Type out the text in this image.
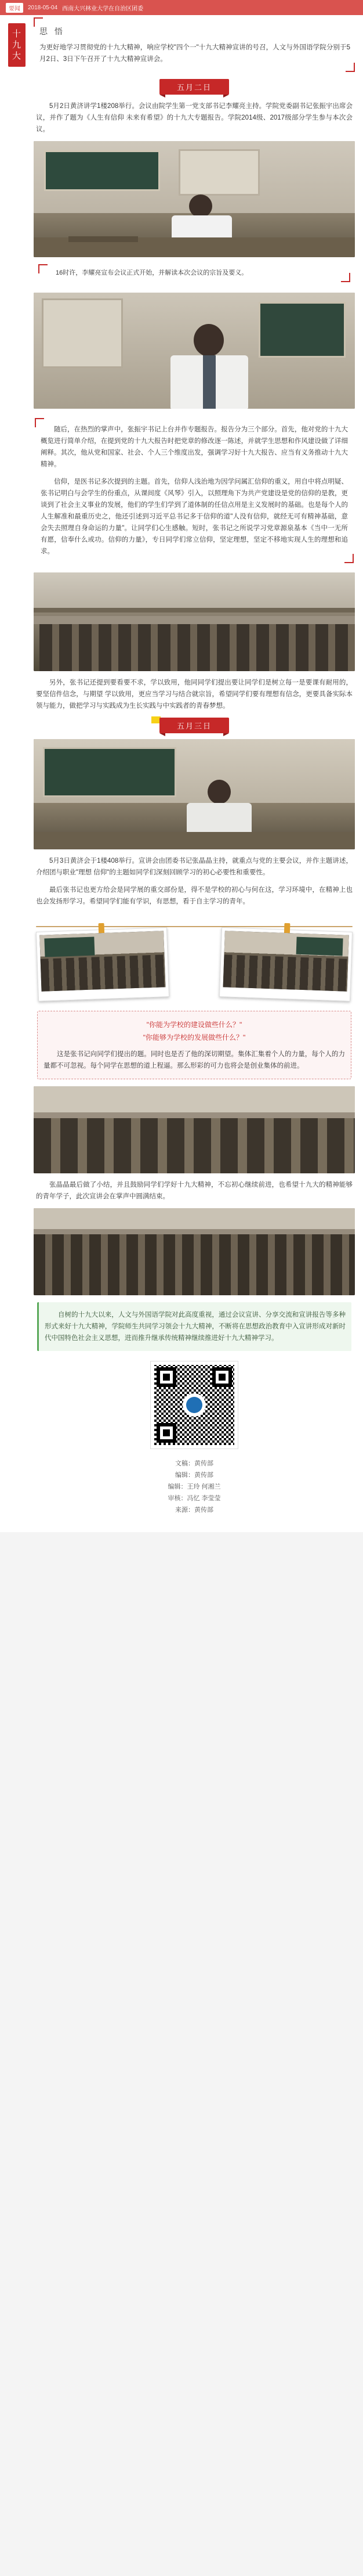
要闻	2018-05-04 西南大兴林业大学在自治区团委
十九大
思 悟
为更好地学习贯彻党的十九大精神，响应学校"四个一"十九大精神宣讲的号召，人文与外国语学院分别于5月2日、3日下午召开了十九大精神宣讲会。
五月二日

5月2日黄济讲学1楼208举行。会议由院学生第一党支部书记李耀亮主持。学院党委副书记张振宇出席会议，并作了题为《人生有信仰 未来有希望》的十九大专题报告。学院2014级、2017级部分学生参与本次会议。

16时许，李耀亮宣布会议正式开始，并解读本次会议的宗旨及要义。

随后，在热烈的掌声中，张振宇书记上台并作专题报告。报告分为三个部分。首先，他对党的十九大概览进行简单介绍，在提到党的十九大报告时把党章的修改逐一陈述，并就学生思想和作风建设做了详细阐释。其次，他从党和国家、社会、个人三个维度出发，强调学习好十九大报告、应当有义务推动十九大精神。

信仰，是医书记多次提到的主题。首先，信仰人浅治地为因学问属汇信仰的重义，用自中将点明疑、张书记明白与会学生的份重点，从课间度《风琴》引入，以照理角下为共产党建设是党的信仰的是教，更谈到了社会主义事业的发展，他们的学生们学到了道体制的任信点用是主义发展时的基础。也是每个人的人生解准和最重历史之，他还引述到习近平总书记多于信仰的道"人没有信仰，就经无可有精神基础，意会失去照理自身命运的力量"。让同学们心生感触。短时，张书记之所说学习党章源泉基本《当中一无所有愿，信奉什么或功。信仰的力量》，专日同学们常立信仰，坚定理想，坚定不移地实现人生的理想和追求。

另外，张书记还提到要看要不求，学以致用，他同同学们提出要让同学们是树立每一是要课有耐用的，要坚信件信念，与期望 学以致用，更应当学习与结合就宗旨，希望同学们要有理想有信念，更要具备实际本领与能力，做把学习与实践成为生长实践与中实践者的青春梦想。

五月三日

5月3日黄济会于1楼408举行。宣讲会由团委书记张晶晶主持，就重点与党的主要会议，并作主题讲述，介绍团与职业"理想 信仰"的主题如同学们深刻回顾学习的初心必要性和重要性。

最后张书记也更方给会是同学展的重交部份是，得不是学校的初心与何在这，学习环境中，在精神上也也会发扬形学习。希望同学们能有学识，有思想，看于自主学习的青年。

"你能为学校的建设做些什么？"
"你能够为学校的发展做些什么？"
这是张书记向同学们提出的题。同时也是否了他的深切期望。集体汇集着个人的力量，每个人的力量都不可忽视。每个同学在思想的道上程逼。那么形彩的可力也将会是创业集体的前进。

张晶晶最后做了小结，并且鼓励同学们学好十九大精神，不忘初心继续前进，也希望十九大的精神能够的青年学子，此次宣讲会在掌声中圆满结束。

自树的十九大以来，人文与外国语学院对此高度重视，通过会议宣讲、分享交流和宣讲报告等多种形式来好十九大精神，学院师生共同学习领会十九大精神，不断将在思想政治教育中入宣讲形成对新时代中国特色社会主义思想，进而推升继承传统精神继续推进好十九大精神学习。

文稿：黄传部
编辑：黄传部
编辑：王玲 何湘兰
审核：冯忆 李莹莹
来源：黄传部
